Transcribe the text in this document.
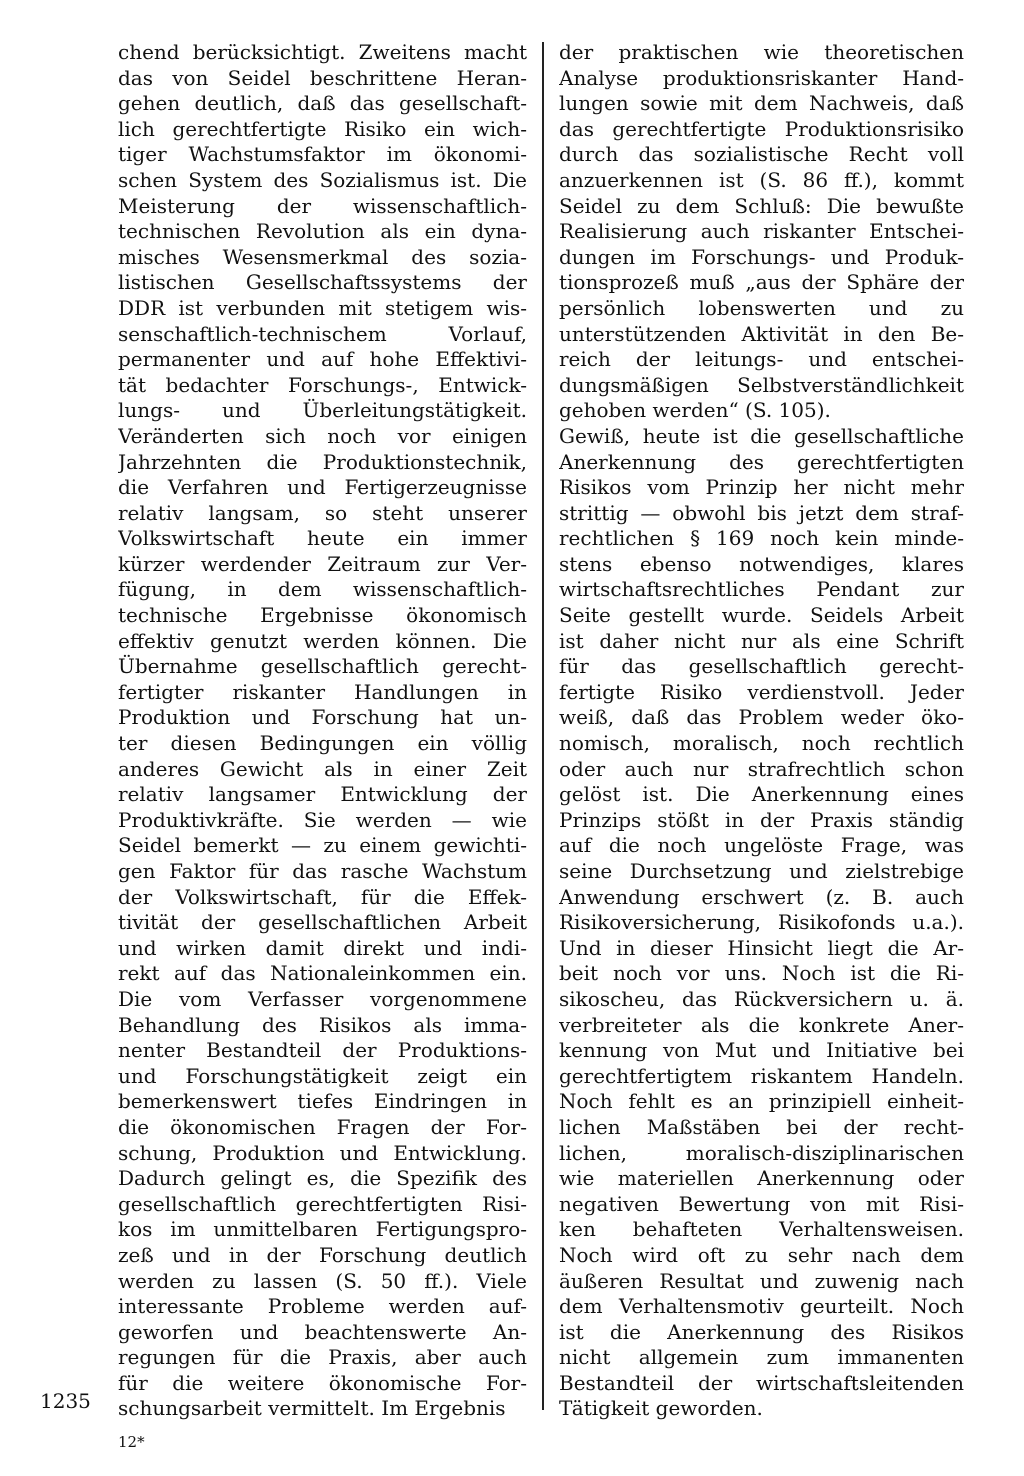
chend berücksichtigt. Zweitens macht
das von Seidel beschrittene Heran-
gehen deutlich, daß das gesellschaft-
lich gerechtfertigte Risiko ein wich-
tiger Wachstumsfaktor im ökonomi-
schen System des Sozialismus ist. Die
Meisterung der wissenschaftlich-
technischen Revolution als ein dyna-
misches Wesensmerkmal des sozia-
listischen Gesellschaftssystems der
DDR ist verbunden mit stetigem wis-
senschaftlich-technischem Vorlauf,
permanenter und auf hohe Effektivi-
tät bedachter Forschungs-, Entwick-
lungs- und Überleitungstätigkeit.
Veränderten sich noch vor einigen
Jahrzehnten die Produktionstechnik,
die Verfahren und Fertigerzeugnisse
relativ langsam, so steht unserer
Volkswirtschaft heute ein immer
kürzer werdender Zeitraum zur Ver-
fügung, in dem wissenschaftlich-
technische Ergebnisse ökonomisch
effektiv genutzt werden können. Die
Übernahme gesellschaftlich gerecht-
fertigter riskanter Handlungen in
Produktion und Forschung hat un-
ter diesen Bedingungen ein völlig
anderes Gewicht als in einer Zeit
relativ langsamer Entwicklung der
Produktivkräfte. Sie werden — wie
Seidel bemerkt — zu einem gewichti-
gen Faktor für das rasche Wachstum
der Volkswirtschaft, für die Effek-
tivität der gesellschaftlichen Arbeit
und wirken damit direkt und indi-
rekt auf das Nationaleinkommen ein.
Die vom Verfasser vorgenommene
Behandlung des Risikos als imma-
nenter Bestandteil der Produktions-
und Forschungstätigkeit zeigt ein
bemerkenswert tiefes Eindringen in
die ökonomischen Fragen der For-
schung, Produktion und Entwicklung.
Dadurch gelingt es, die Spezifik des
gesellschaftlich gerechtfertigten Risi-
kos im unmittelbaren Fertigungspro-
zeß und in der Forschung deutlich
werden zu lassen (S. 50 ff.). Viele
interessante Probleme werden auf-
geworfen und beachtenswerte An-
regungen für die Praxis, aber auch
für die weitere ökonomische For-
schungsarbeit vermittelt. Im Ergebnis
der praktischen wie theoretischen
Analyse produktionsriskanter Hand-
lungen sowie mit dem Nachweis, daß
das gerechtfertigte Produktionsrisiko
durch das sozialistische Recht voll
anzuerkennen ist (S. 86 ff.), kommt
Seidel zu dem Schluß: Die bewußte
Realisierung auch riskanter Entschei-
dungen im Forschungs- und Produk-
tionsprozeß muß „aus der Sphäre der
persönlich lobenswerten und zu
unterstützenden Aktivität in den Be-
reich der leitungs- und entschei-
dungsmäßigen Selbstverständlichkeit
gehoben werden“ (S. 105).
Gewiß, heute ist die gesellschaftliche
Anerkennung des gerechtfertigten
Risikos vom Prinzip her nicht mehr
strittig — obwohl bis jetzt dem straf-
rechtlichen § 169 noch kein minde-
stens ebenso notwendiges, klares
wirtschaftsrechtliches Pendant zur
Seite gestellt wurde. Seidels Arbeit
ist daher nicht nur als eine Schrift
für das gesellschaftlich gerecht-
fertigte Risiko verdienstvoll. Jeder
weiß, daß das Problem weder öko-
nomisch, moralisch, noch rechtlich
oder auch nur strafrechtlich schon
gelöst ist. Die Anerkennung eines
Prinzips stößt in der Praxis ständig
auf die noch ungelöste Frage, was
seine Durchsetzung und zielstrebige
Anwendung erschwert (z. B. auch
Risikoversicherung, Risikofonds u.a.).
Und in dieser Hinsicht liegt die Ar-
beit noch vor uns. Noch ist die Ri-
sikoscheu, das Rückversichern u. ä.
verbreiteter als die konkrete Aner-
kennung von Mut und Initiative bei
gerechtfertigtem riskantem Handeln.
Noch fehlt es an prinzipiell einheit-
lichen Maßstäben bei der recht-
lichen, moralisch-disziplinarischen
wie materiellen Anerkennung oder
negativen Bewertung von mit Risi-
ken behafteten Verhaltensweisen.
Noch wird oft zu sehr nach dem
äußeren Resultat und zuwenig nach
dem Verhaltensmotiv geurteilt. Noch
ist die Anerkennung des Risikos
nicht allgemein zum immanenten
Bestandteil der wirtschaftsleitenden
Tätigkeit geworden.
1235
12*
